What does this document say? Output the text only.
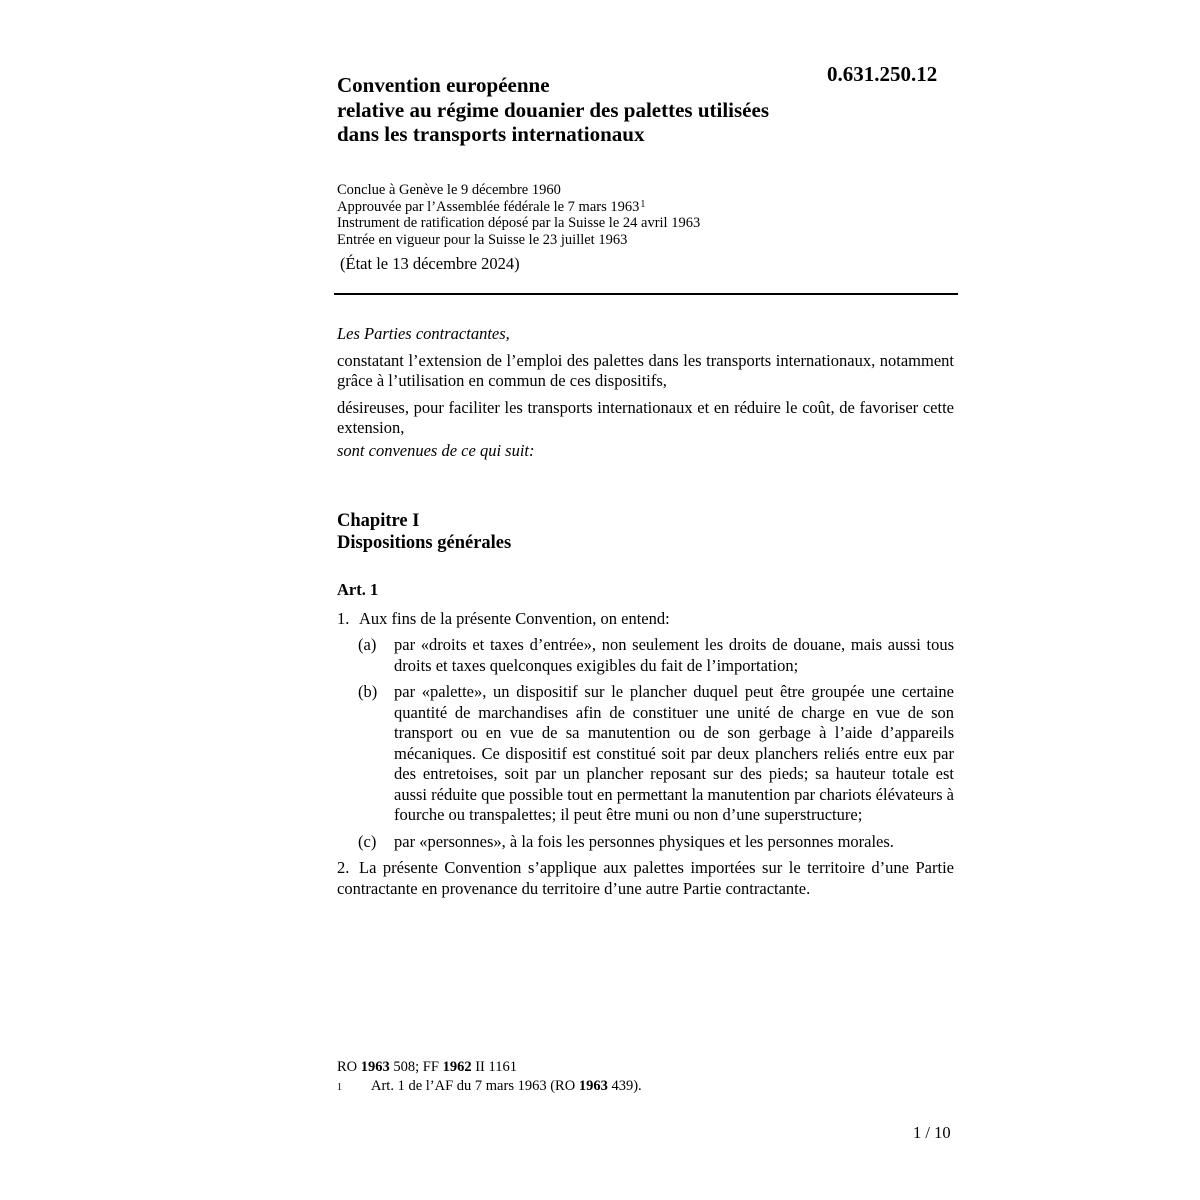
0.631.250.12
Convention européenne
relative au régime douanier des palettes utilisées
dans les transports internationaux
Conclue à Genève le 9 décembre 1960
Approuvée par l’Assemblée fédérale le 7 mars 1963$^1$
Instrument de ratification déposé par la Suisse le 24 avril 1963
Entrée en vigueur pour la Suisse le 23 juillet 1963
(État le 13 décembre 2024)

Les Parties contractantes,

constatant l’extension de l’emploi des palettes dans les transports internationaux, notamment grâce à l’utilisation en commun de ces dispositifs,

désireuses, pour faciliter les transports internationaux et en réduire le coût, de favoriser cette extension,

sont convenues de ce qui suit:

Chapitre I
Dispositions générales

Art. 1

1. Aux fins de la présente Convention, on entend:

(a) par «droits et taxes d’entrée», non seulement les droits de douane, mais aussi tous droits et taxes quelconques exigibles du fait de l’importation;
(b) par «palette», un dispositif sur le plancher duquel peut être groupée une certaine quantité de marchandises afin de constituer une unité de charge en vue de son transport ou en vue de sa manutention ou de son gerbage à l’aide d’appareils mécaniques. Ce dispositif est constitué soit par deux planchers reliés entre eux par des entretoises, soit par un plancher reposant sur des pieds; sa hauteur totale est aussi réduite que possible tout en permettant la manutention par chariots élévateurs à fourche ou transpalettes; il peut être muni ou non d’une superstructure;
(c) par «personnes», à la fois les personnes physiques et les personnes morales.

2. La présente Convention s’applique aux palettes importées sur le territoire d’une Partie contractante en provenance du territoire d’une autre Partie contractante.

RO 1963 508; FF 1962 II 1161
1 Art. 1 de l’AF du 7 mars 1963 (RO 1963 439).
1 / 10
